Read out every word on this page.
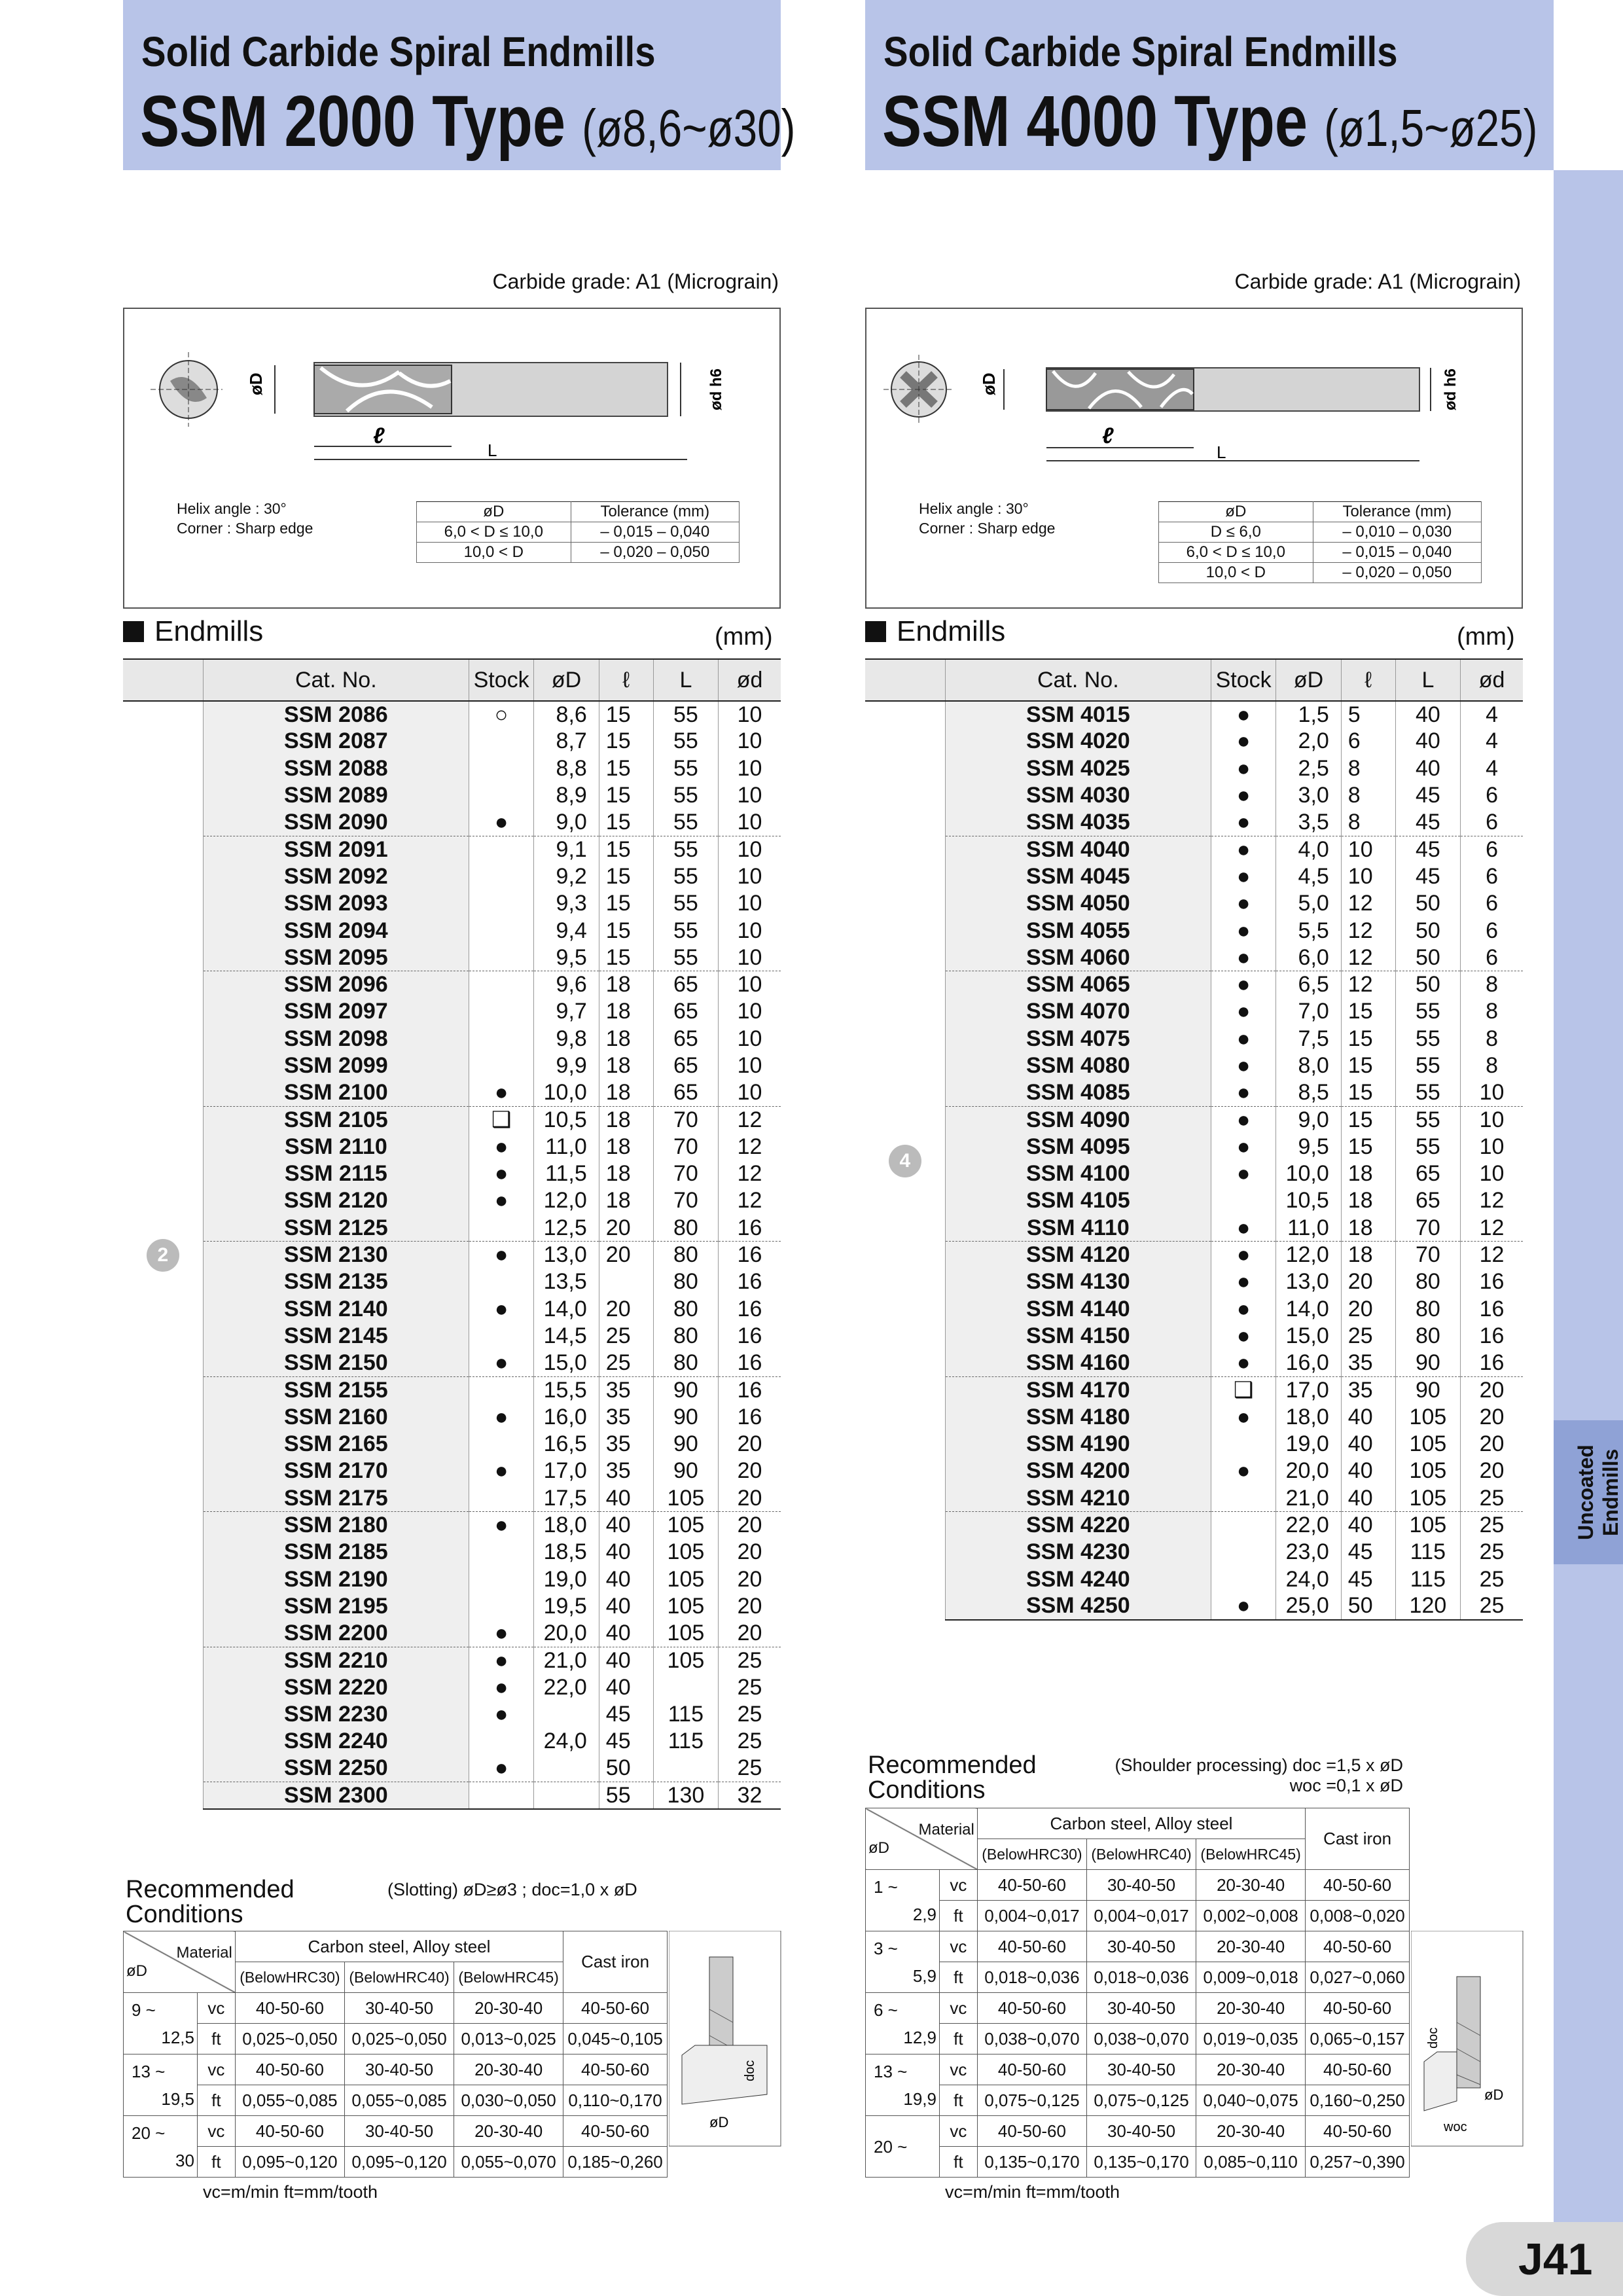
Solid Carbide Spiral Endmills
SSM 2000 Type (ø8,6~ø30)
Solid Carbide Spiral Endmills
SSM 4000 Type (ø1,5~ø25)
Uncoated Endmills
Carbide grade: A1 (Micrograin)	Carbide grade: A1 (Micrograin)
øD
ℓ
L
ød h6
Helix angle : 30°
Corner : Sharp edge
øD	Tolerance (mm)
6,0 < D ≤ 10,0	– 0,015 – 0,040
10,0 < D	– 0,020 – 0,050
øD
ℓ
L
ød h6
Helix angle : 30°
Corner : Sharp edge
øD	Tolerance (mm)
D ≤ 6,0	– 0,010 – 0,030
6,0 < D ≤ 10,0	– 0,015 – 0,040
10,0 < D	– 0,020 – 0,050
Endmills	(mm)	Endmills	(mm)
	Cat. No.	Stock	øD	ℓ	L	ød
2	SSM 2086	○	8,6	15	55	10
	SSM 2087		8,7	15	55	10
	SSM 2088		8,8	15	55	10
	SSM 2089		8,9	15	55	10
	SSM 2090	●	9,0	15	55	10
	SSM 2091		9,1	15	55	10
	SSM 2092		9,2	15	55	10
	SSM 2093		9,3	15	55	10
	SSM 2094		9,4	15	55	10
	SSM 2095		9,5	15	55	10
	SSM 2096		9,6	18	65	10
	SSM 2097		9,7	18	65	10
	SSM 2098		9,8	18	65	10
	SSM 2099		9,9	18	65	10
	SSM 2100	●	10,0	18	65	10
	SSM 2105	❑	10,5	18	70	12
	SSM 2110	●	11,0	18	70	12
	SSM 2115	●	11,5	18	70	12
	SSM 2120	●	12,0	18	70	12
	SSM 2125		12,5	20	80	16
	SSM 2130	●	13,0	20	80	16
	SSM 2135		13,5		80	16
	SSM 2140	●	14,0	20	80	16
	SSM 2145		14,5	25	80	16
	SSM 2150	●	15,0	25	80	16
	SSM 2155		15,5	35	90	16
	SSM 2160	●	16,0	35	90	16
	SSM 2165		16,5	35	90	20
	SSM 2170	●	17,0	35	90	20
	SSM 2175		17,5	40	105	20
	SSM 2180	●	18,0	40	105	20
	SSM 2185		18,5	40	105	20
	SSM 2190		19,0	40	105	20
	SSM 2195		19,5	40	105	20
	SSM 2200	●	20,0	40	105	20
	SSM 2210	●	21,0	40	105	25
	SSM 2220	●	22,0	40		25
	SSM 2230	●		45	115	25
	SSM 2240		24,0	45	115	25
	SSM 2250	●		50		25
	SSM 2300			55	130	32
	Cat. No.	Stock	øD	ℓ	L	ød
4	SSM 4015	●	1,5	5	40	4
	SSM 4020	●	2,0	6	40	4
	SSM 4025	●	2,5	8	40	4
	SSM 4030	●	3,0	8	45	6
	SSM 4035	●	3,5	8	45	6
	SSM 4040	●	4,0	10	45	6
	SSM 4045	●	4,5	10	45	6
	SSM 4050	●	5,0	12	50	6
	SSM 4055	●	5,5	12	50	6
	SSM 4060	●	6,0	12	50	6
	SSM 4065	●	6,5	12	50	8
	SSM 4070	●	7,0	15	55	8
	SSM 4075	●	7,5	15	55	8
	SSM 4080	●	8,0	15	55	8
	SSM 4085	●	8,5	15	55	10
	SSM 4090	●	9,0	15	55	10
	SSM 4095	●	9,5	15	55	10
	SSM 4100	●	10,0	18	65	10
	SSM 4105		10,5	18	65	12
	SSM 4110	●	11,0	18	70	12
	SSM 4120	●	12,0	18	70	12
	SSM 4130	●	13,0	20	80	16
	SSM 4140	●	14,0	20	80	16
	SSM 4150	●	15,0	25	80	16
	SSM 4160	●	16,0	35	90	16
	SSM 4170	❑	17,0	35	90	20
	SSM 4180	●	18,0	40	105	20
	SSM 4190		19,0	40	105	20
	SSM 4200	●	20,0	40	105	20
	SSM 4210		21,0	40	105	25
	SSM 4220		22,0	40	105	25
	SSM 4230		23,0	45	115	25
	SSM 4240		24,0	45	115	25
	SSM 4250	●	25,0	50	120	25
Recommended
Conditions
(Slotting) øD≥ø3 ; doc=1,0 x øD
Material
øD		Carbon steel, Alloy steel			Cast iron
		(BelowHRC30)	(BelowHRC40)	(BelowHRC45)	

9 ~
12,5	vc	40-50-60	30-40-50	20-30-40	40-50-60
	ft	0,025~0,050	0,025~0,050	0,013~0,025	0,045~0,105

13 ~
19,5	vc	40-50-60	30-40-50	20-30-40	40-50-60
	ft	0,055~0,085	0,055~0,085	0,030~0,050	0,110~0,170

20 ~
30	vc	40-50-60	30-40-50	20-30-40	40-50-60
	ft	0,095~0,120	0,095~0,120	0,055~0,070	0,185~0,260
vc=m/min ft=mm/tooth
doc
øD
Recommended
Conditions
(Shoulder processing) doc =1,5 x øD
woc =0,1 x øD
Material
øD		Carbon steel, Alloy steel			Cast iron
		(BelowHRC30)	(BelowHRC40)	(BelowHRC45)	

1 ~
2,9	vc	40-50-60	30-40-50	20-30-40	40-50-60
	ft	0,004~0,017	0,004~0,017	0,002~0,008	0,008~0,020

3 ~
5,9	vc	40-50-60	30-40-50	20-30-40	40-50-60
	ft	0,018~0,036	0,018~0,036	0,009~0,018	0,027~0,060

6 ~
12,9	vc	40-50-60	30-40-50	20-30-40	40-50-60
	ft	0,038~0,070	0,038~0,070	0,019~0,035	0,065~0,157

13 ~
19,9	vc	40-50-60	30-40-50	20-30-40	40-50-60
	ft	0,075~0,125	0,075~0,125	0,040~0,075	0,160~0,250

20 ~	vc	40-50-60	30-40-50	20-30-40	40-50-60
	ft	0,135~0,170	0,135~0,170	0,085~0,110	0,257~0,390
vc=m/min ft=mm/tooth
doc
øD
woc
J41
